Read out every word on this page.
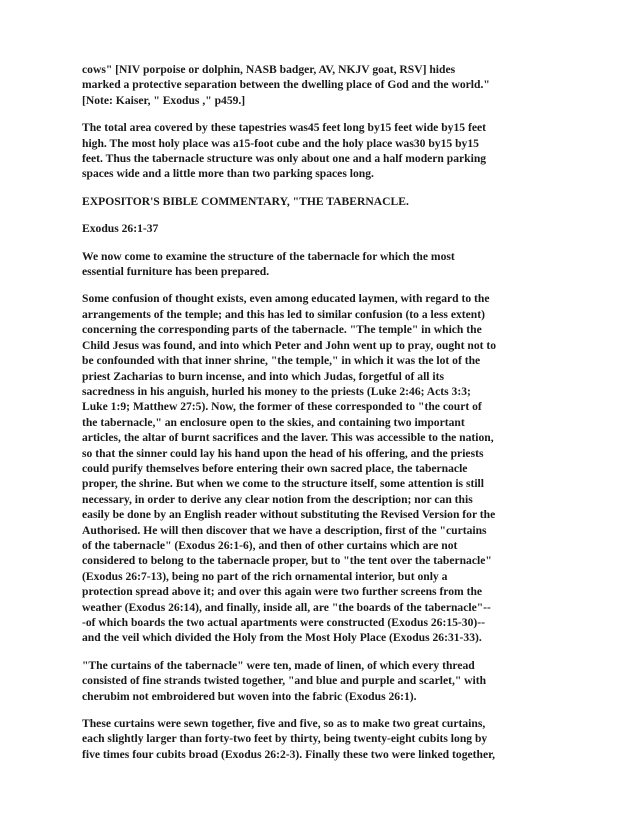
cows" [NIV porpoise or dolphin, NASB badger, AV, NKJV goat, RSV] hides
marked a protective separation between the dwelling place of God and the world."
[Note: Kaiser, " Exodus ," p459.]
The total area covered by these tapestries was45 feet long by15 feet wide by15 feet
high. The most holy place was a15-foot cube and the holy place was30 by15 by15
feet. Thus the tabernacle structure was only about one and a half modern parking
spaces wide and a little more than two parking spaces long.
EXPOSITOR'S BIBLE COMMENTARY, "THE TABERNACLE.
Exodus 26:1-37
We now come to examine the structure of the tabernacle for which the most
essential furniture has been prepared.
Some confusion of thought exists, even among educated laymen, with regard to the
arrangements of the temple; and this has led to similar confusion (to a less extent)
concerning the corresponding parts of the tabernacle. "The temple" in which the
Child Jesus was found, and into which Peter and John went up to pray, ought not to
be confounded with that inner shrine, "the temple," in which it was the lot of the
priest Zacharias to burn incense, and into which Judas, forgetful of all its
sacredness in his anguish, hurled his money to the priests (Luke 2:46; Acts 3:3;
Luke 1:9; Matthew 27:5). Now, the former of these corresponded to "the court of
the tabernacle," an enclosure open to the skies, and containing two important
articles, the altar of burnt sacrifices and the laver. This was accessible to the nation,
so that the sinner could lay his hand upon the head of his offering, and the priests
could purify themselves before entering their own sacred place, the tabernacle
proper, the shrine. But when we come to the structure itself, some attention is still
necessary, in order to derive any clear notion from the description; nor can this
easily be done by an English reader without substituting the Revised Version for the
Authorised. He will then discover that we have a description, first of the "curtains
of the tabernacle" (Exodus 26:1-6), and then of other curtains which are not
considered to belong to the tabernacle proper, but to "the tent over the tabernacle"
(Exodus 26:7-13), being no part of the rich ornamental interior, but only a
protection spread above it; and over this again were two further screens from the
weather (Exodus 26:14), and finally, inside all, are "the boards of the tabernacle"--
-of which boards the two actual apartments were constructed (Exodus 26:15-30)--
and the veil which divided the Holy from the Most Holy Place (Exodus 26:31-33).
"The curtains of the tabernacle" were ten, made of linen, of which every thread
consisted of fine strands twisted together, "and blue and purple and scarlet," with
cherubim not embroidered but woven into the fabric (Exodus 26:1).
These curtains were sewn together, five and five, so as to make two great curtains,
each slightly larger than forty-two feet by thirty, being twenty-eight cubits long by
five times four cubits broad (Exodus 26:2-3). Finally these two were linked together,
